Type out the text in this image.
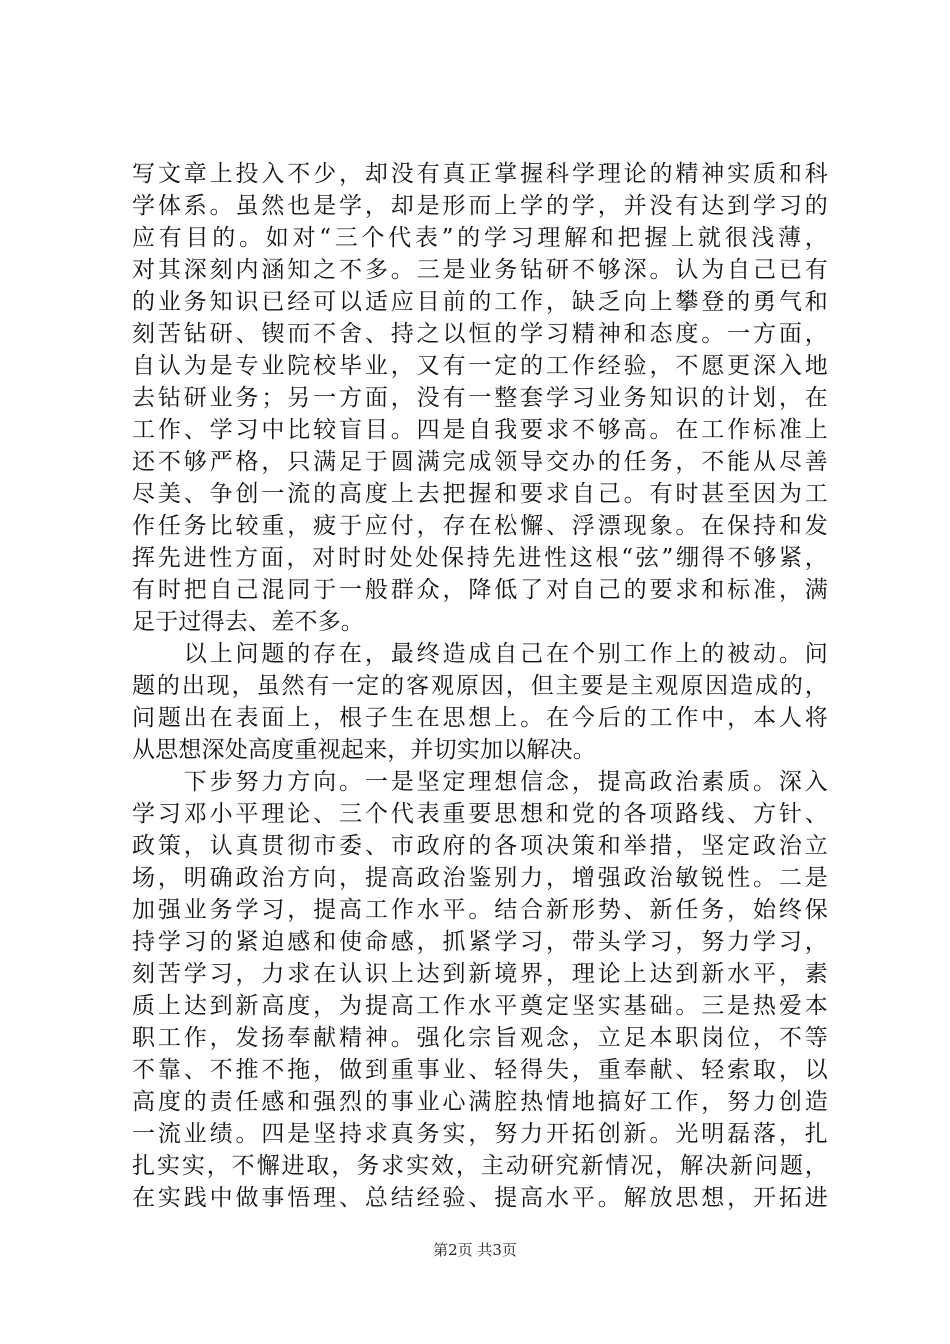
写文章上投入不少，却没有真正掌握科学理论的精神实质和科
学体系。虽然也是学，却是形而上学的学，并没有达到学习的
应有目的。如对“三个代表”的学习理解和把握上就很浅薄，
对其深刻内涵知之不多。三是业务钻研不够深。认为自己已有
的业务知识已经可以适应目前的工作，缺乏向上攀登的勇气和
刻苦钻研、锲而不舍、持之以恒的学习精神和态度。一方面，
自认为是专业院校毕业，又有一定的工作经验，不愿更深入地
去钻研业务；另一方面，没有一整套学习业务知识的计划，在
工作、学习中比较盲目。四是自我要求不够高。在工作标准上
还不够严格，只满足于圆满完成领导交办的任务，不能从尽善
尽美、争创一流的高度上去把握和要求自己。有时甚至因为工
作任务比较重，疲于应付，存在松懈、浮漂现象。在保持和发
挥先进性方面，对时时处处保持先进性这根“弦”绷得不够紧，
有时把自己混同于一般群众，降低了对自己的要求和标准，满
足于过得去、差不多。
　　以上问题的存在，最终造成自己在个别工作上的被动。问
题的出现，虽然有一定的客观原因，但主要是主观原因造成的，
问题出在表面上，根子生在思想上。在今后的工作中，本人将
从思想深处高度重视起来，并切实加以解决。
　　下步努力方向。一是坚定理想信念，提高政治素质。深入
学习邓小平理论、三个代表重要思想和党的各项路线、方针、
政策，认真贯彻市委、市政府的各项决策和举措，坚定政治立
场，明确政治方向，提高政治鉴别力，增强政治敏锐性。二是
加强业务学习，提高工作水平。结合新形势、新任务，始终保
持学习的紧迫感和使命感，抓紧学习，带头学习，努力学习，
刻苦学习，力求在认识上达到新境界，理论上达到新水平，素
质上达到新高度，为提高工作水平奠定坚实基础。三是热爱本
职工作，发扬奉献精神。强化宗旨观念，立足本职岗位，不等
不靠、不推不拖，做到重事业、轻得失，重奉献、轻索取，以
高度的责任感和强烈的事业心满腔热情地搞好工作，努力创造
一流业绩。四是坚持求真务实，努力开拓创新。光明磊落，扎
扎实实，不懈进取，务求实效，主动研究新情况，解决新问题，
在实践中做事悟理、总结经验、提高水平。解放思想，开拓进
第2页 共3页
